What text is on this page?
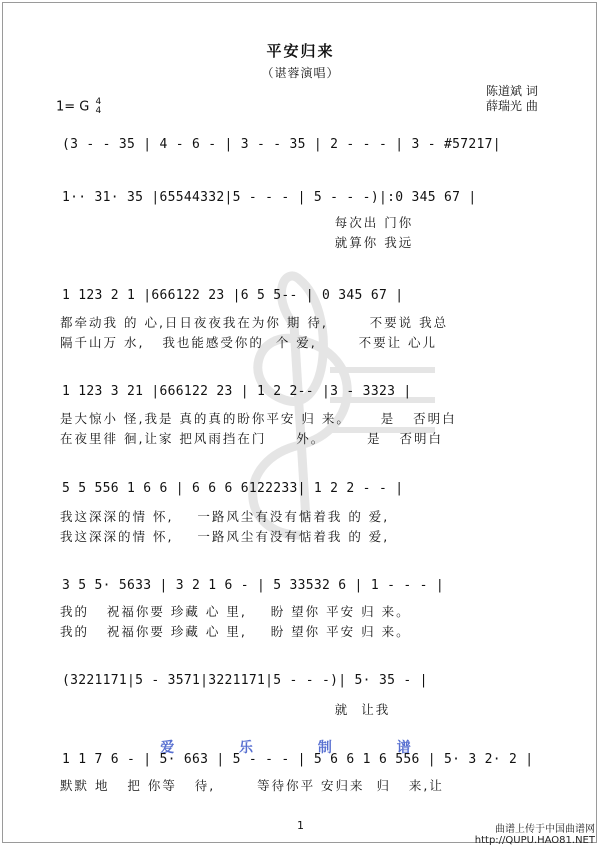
平安归来
（谌蓉演唱）
陈道斌 词
薛瑞光 曲
1= G 4
4
(3 - - 35 | 4 - 6 - | 3 - - 35 | 2 - - - | 3 - #57217|
1·· 31· 35 |65544332|5 - - - | 5 - - -)|:0 345 67 |
每次出 门你
就算你 我远
1 123 2 1 |666122 23 |6 5 5-- | 0 345 67 |
都牵动我 的 心,日日夜夜我在为你 期 待,       不要说 我总
隔千山万 水,   我也能感受你的  个 爱,       不要让 心儿
1 123 3 21 |666122 23 | 1 2 2-- |3 - 3323 |
是大惊小 怪,我是 真的真的盼你平安 归 来。     是   否明白
在夜里徘 徊,让家 把风雨挡在门     外。       是   否明白
5 5 556 1 6 6 | 6 6 6 6122233| 1 2 2 - - |
我这深深的情 怀,    一路风尘有没有惦着我 的 爱,
我这深深的情 怀,    一路风尘有没有惦着我 的 爱,
3 5 5· 5633 | 3 2 1 6 - | 5 33532 6 | 1 - - - |
我的   祝福你要 珍藏 心 里,    盼 望你 平安 归 来。
我的   祝福你要 珍藏 心 里,    盼 望你 平安 归 来。
(3221171|5 - 3571|3221171|5 - - -)| 5· 35 - |
就  让我
爱 乐 制 谱
1 1 7 6 - | 5· 663 | 5 - - - | 5 6 6 1 6 556 | 5· 3 2· 2 |
默默 地   把 你等   待,       等待你平 安归来  归   来,让
1	曲谱上传于中国曲谱网
http://QUPU.HAO81.NET
